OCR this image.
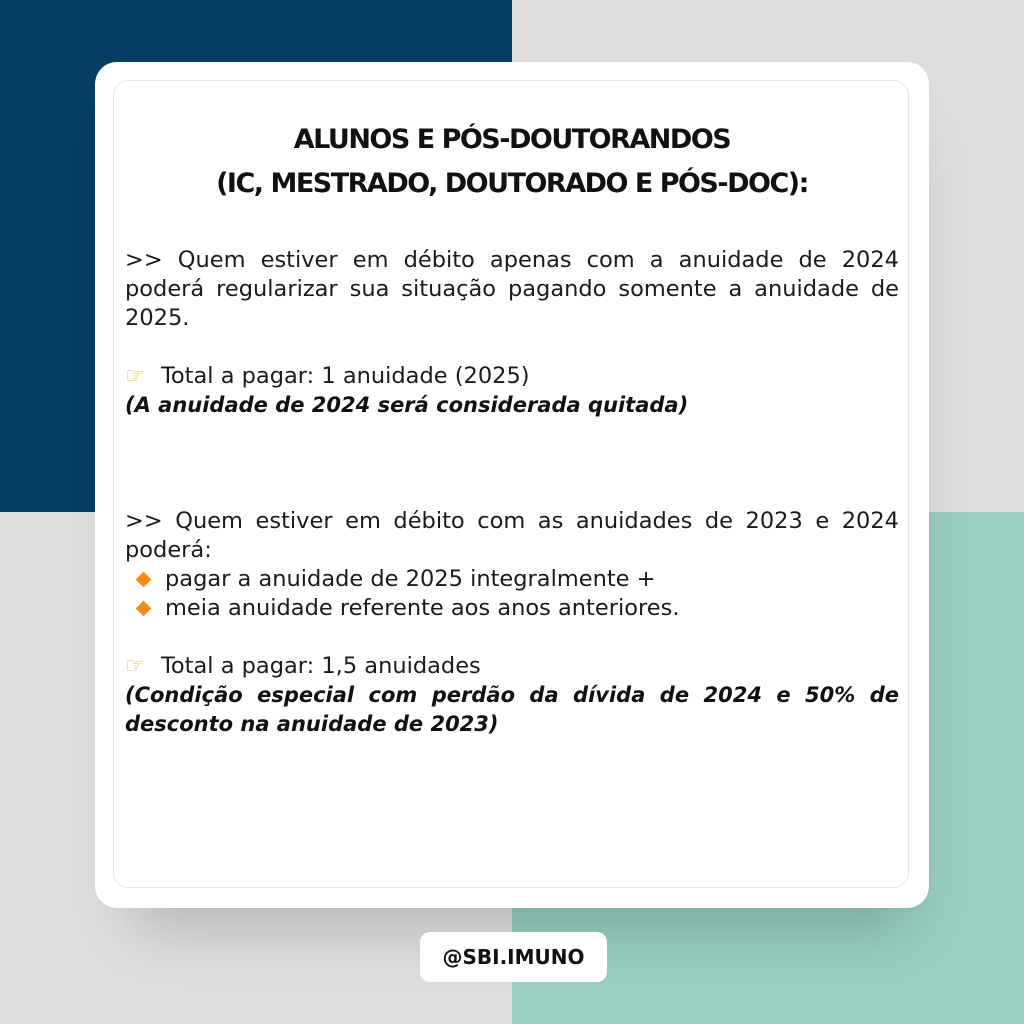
ALUNOS E PÓS-DOUTORANDOS
(IC, MESTRADO, DOUTORADO E PÓS-DOC):

>> Quem estiver em débito apenas com a anuidade de 2024 poderá regularizar sua situação pagando somente a anuidade de 2025.

☞ Total a pagar: 1 anuidade (2025)

(A anuidade de 2024 será considerada quitada)

>> Quem estiver em débito com as anuidades de 2023 e 2024 poderá:

pagar a anuidade de 2025 integralmente +
meia anuidade referente aos anos anteriores.

☞ Total a pagar: 1,5 anuidades

(Condição especial com perdão da dívida de 2024 e 50% de desconto na anuidade de 2023)

@SBI.IMUNO
